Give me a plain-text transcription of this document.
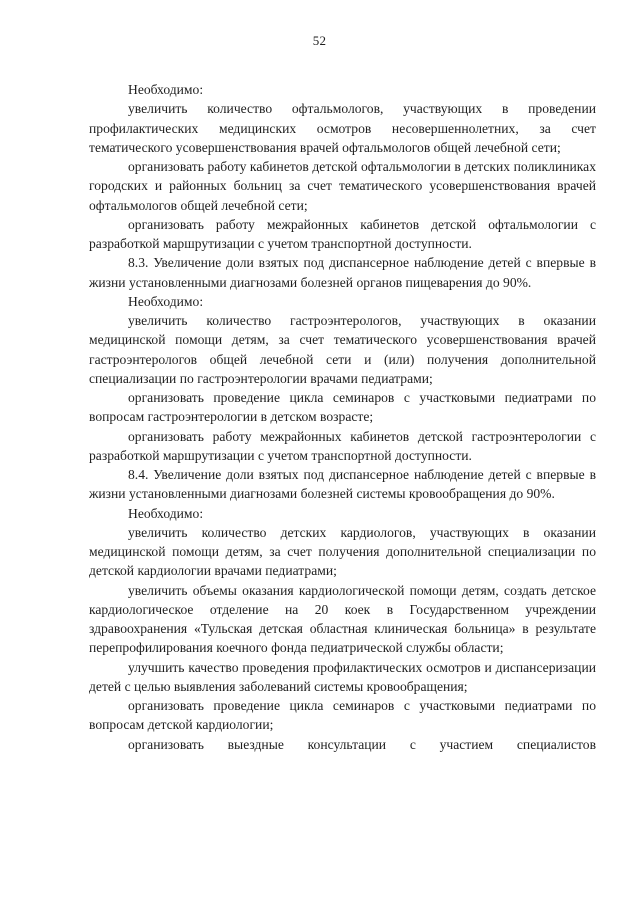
52

Необходимо:

увеличить количество офтальмологов, участвующих в проведении профилактических медицинских осмотров несовершеннолетних, за счет тематического усовершенствования врачей офтальмологов общей лечебной сети;

организовать работу кабинетов детской офтальмологии в детских поликлиниках городских и районных больниц за счет тематического усовершенствования врачей офтальмологов общей лечебной сети;

организовать работу межрайонных кабинетов детской офтальмологии с разработкой маршрутизации с учетом транспортной доступности.

8.3. Увеличение доли взятых под диспансерное наблюдение детей с впервые в жизни установленными диагнозами болезней органов пищеварения до 90%.

Необходимо:

увеличить количество гастроэнтерологов, участвующих в оказании медицинской помощи детям, за счет тематического усовершенствования врачей гастроэнтерологов общей лечебной сети и (или) получения дополнительной специализации по гастроэнтерологии врачами педиатрами;

организовать проведение цикла семинаров с участковыми педиатрами по вопросам гастроэнтерологии в детском возрасте;

организовать работу межрайонных кабинетов детской гастроэнтерологии с разработкой маршрутизации с учетом транспортной доступности.

8.4. Увеличение доли взятых под диспансерное наблюдение детей с впервые в жизни установленными диагнозами болезней системы кровообращения до 90%.

Необходимо:

увеличить количество детских кардиологов, участвующих в оказании медицинской помощи детям, за счет получения дополнительной специализации по детской кардиологии врачами педиатрами;

увеличить объемы оказания кардиологической помощи детям, создать детское кардиологическое отделение на 20 коек в Государственном учреждении здравоохранения «Тульская детская областная клиническая больница» в результате перепрофилирования коечного фонда педиатрической службы области;

улучшить качество проведения профилактических осмотров и диспансеризации детей с целью выявления заболеваний системы кровообращения;

организовать проведение цикла семинаров с участковыми педиатрами по вопросам детской кардиологии;

организовать выездные консультации с участием специалистов
